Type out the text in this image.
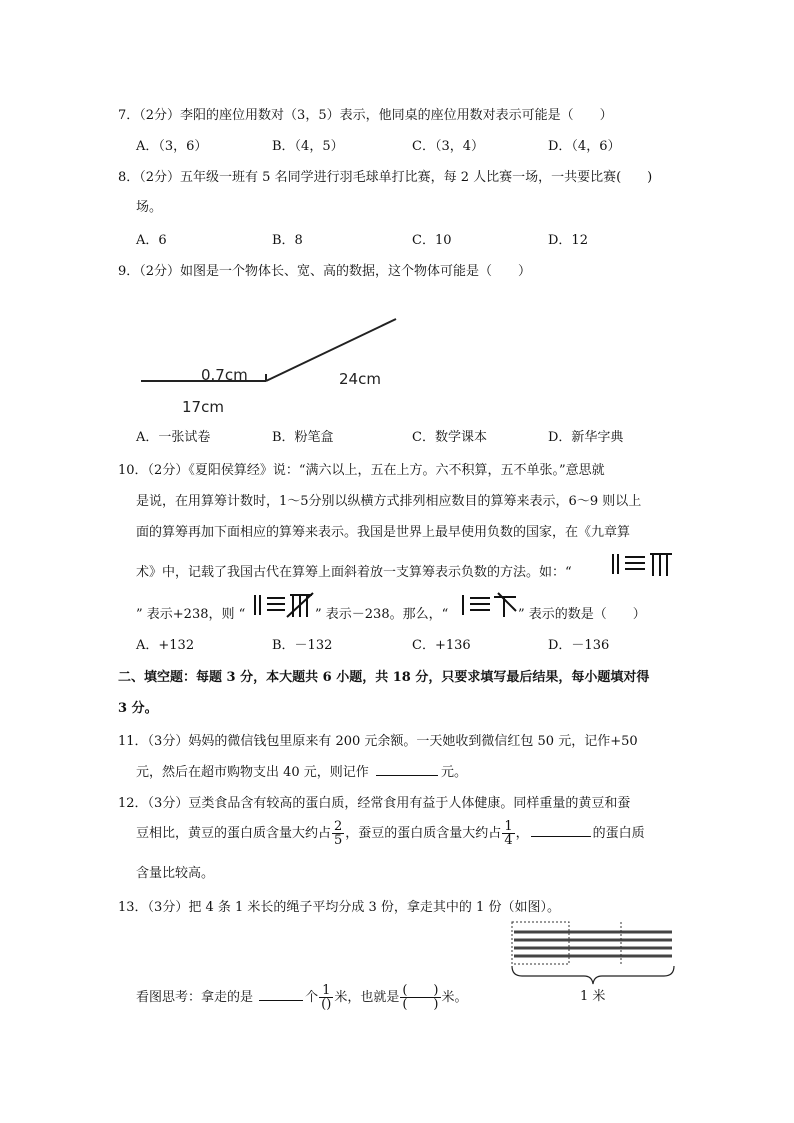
7．（2分）李阳的座位用数对（3，5）表示，他同桌的座位用数对表示可能是（　　）
A．（3，6）	B．（4，5）	C．（3，4）	D．（4，6）
8．（2分）五年级一班有 5 名同学进行羽毛球单打比赛，每 2 人比赛一场，一共要比赛(　　)
场。
A．6	B．8	C．10	D．12
9．（2分）如图是一个物体长、宽、高的数据，这个物体可能是（　　）
0.7cm	24cm
17cm
A．一张试卷	B．粉笔盒	C．数学课本	D．新华字典
10．（2分）《夏阳侯算经》说：“满六以上，五在上方。六不积算，五不单张。”意思就
是说，在用算筹计数时，1～5分别以纵横方式排列相应数目的算筹来表示，6～9 则以上
面的算筹再加下面相应的算筹来表示。我国是世界上最早使用负数的国家，在《九章算
术》中，记载了我国古代在算筹上面斜着放一支算筹表示负数的方法。如：“
” 表示+238，则 “	” 表示－238。那么，“	” 表示的数是（　　）
A．+132	B．－132	C．+136	D．－136
二、填空题：每题 3 分，本大题共 6 小题，共 18 分，只要求填写最后结果，每小题填对得
3 分。
11．（3分）妈妈的微信钱包里原来有 200 元余额。一天她收到微信红包 50 元，记作+50
元，然后在超市购物支出 40 元，则记作	元。
12．（3分）豆类食品含有较高的蛋白质，经常食用有益于人体健康。同样重量的黄豆和蚕
豆相比，黄豆的蛋白质含量大约占 $\frac{2}{5}$ ，蚕豆的蛋白质含量大约占 $\frac{1}{4}$ ，	的蛋白质
含量比较高。
13．（3分）把 4 条 1 米长的绳子平均分成 3 份，拿走其中的 1 份（如图）。
1 米
看图思考：拿走的是	个 $\frac{1}{()}$ 米，也就是 $\frac{( )}{( )}$ 米。
